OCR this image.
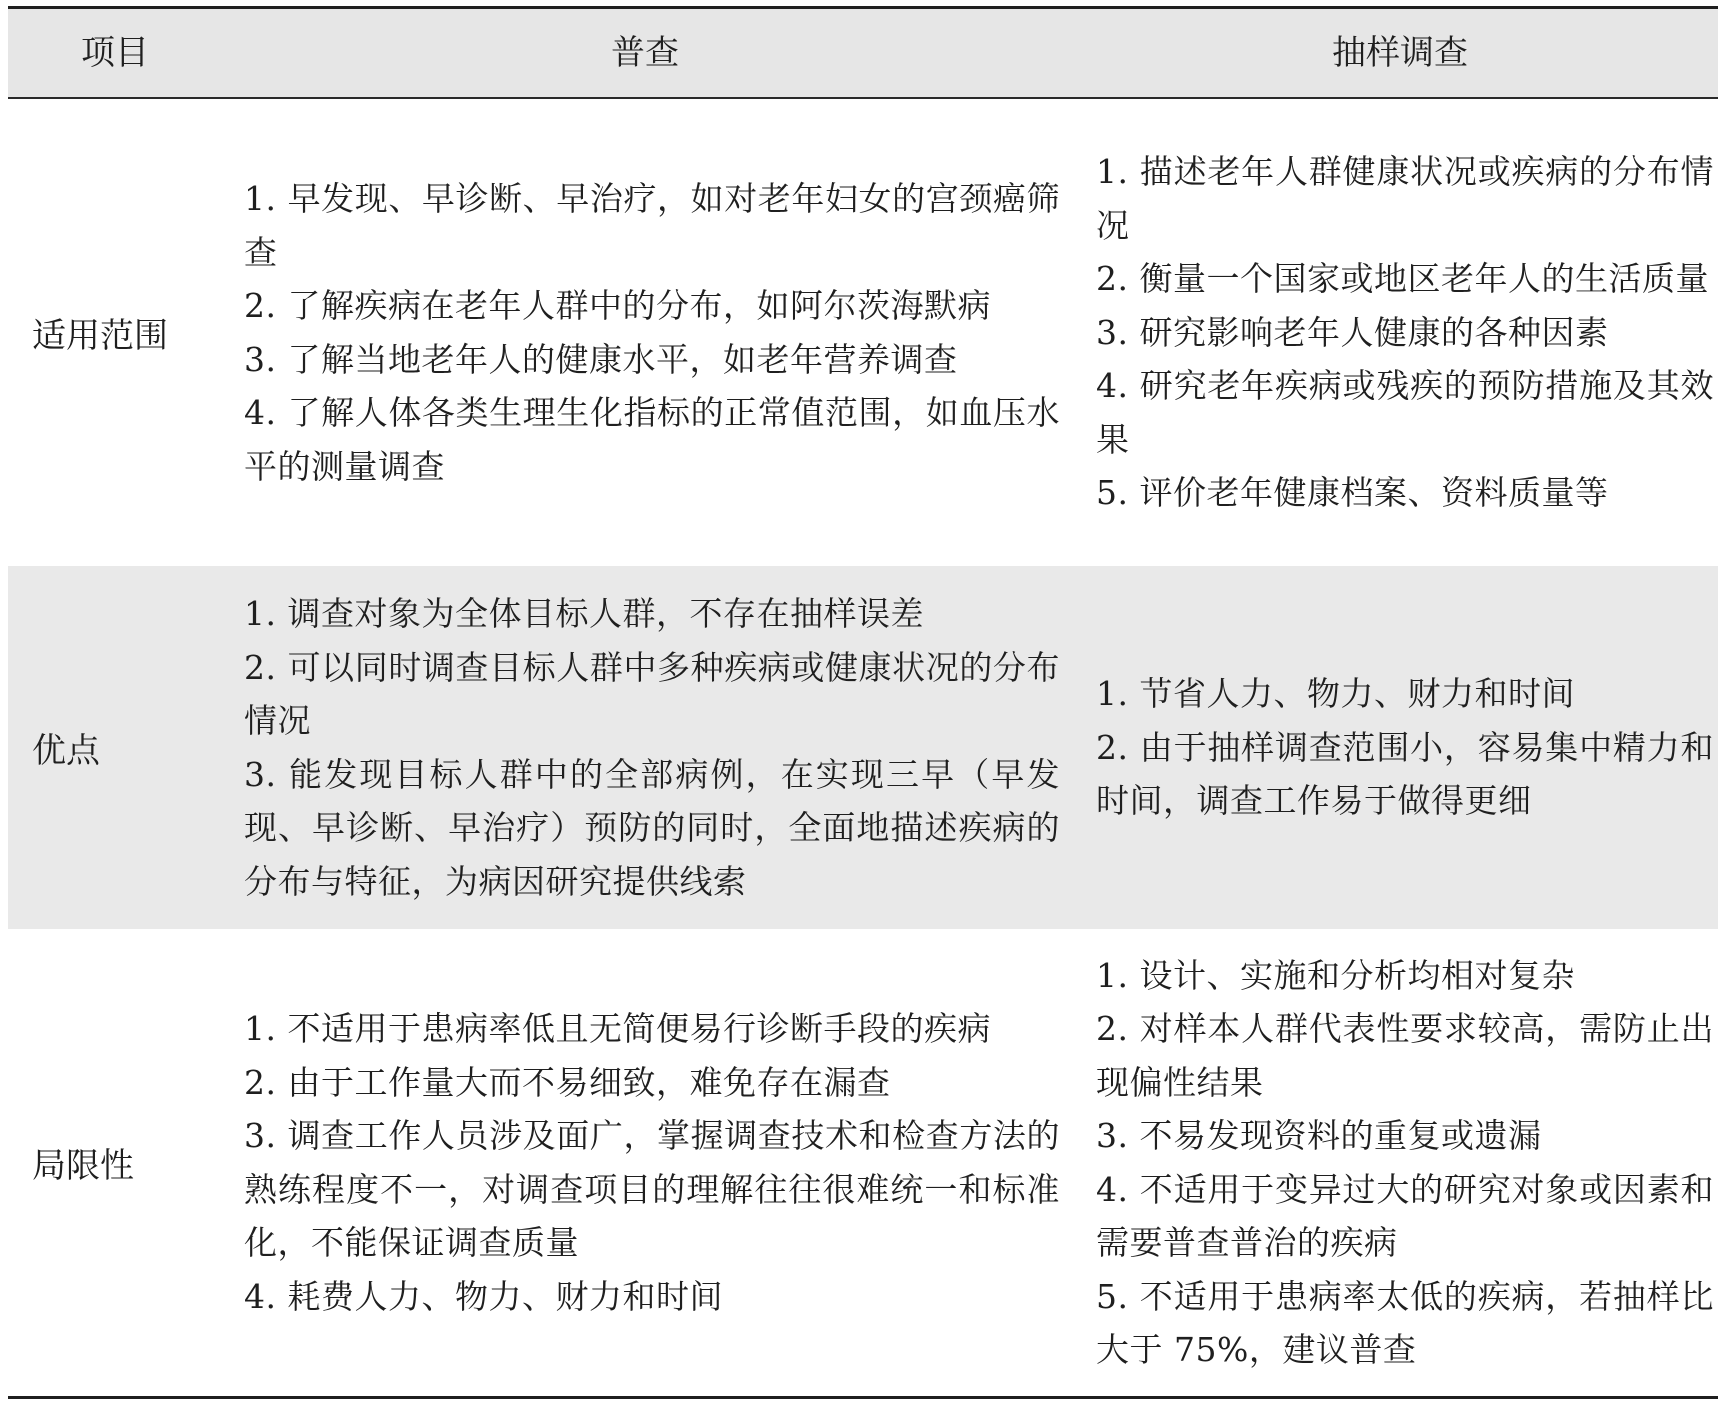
项目	普查	抽样调查
适用范围

1. 早发现、早诊断、早治疗，如对老年妇女的宫颈癌筛查

2. 了解疾病在老年人群中的分布，如阿尔茨海默病

3. 了解当地老年人的健康水平，如老年营养调查

4. 了解人体各类生理生化指标的正常值范围，如血压水平的测量调查

1. 描述老年人群健康状况或疾病的分布情况

2. 衡量一个国家或地区老年人的生活质量

3. 研究影响老年人健康的各种因素

4. 研究老年疾病或残疾的预防措施及其效果

5. 评价老年健康档案、资料质量等

优点

1. 调查对象为全体目标人群，不存在抽样误差

2. 可以同时调查目标人群中多种疾病或健康状况的分布情况

3. 能发现目标人群中的全部病例，在实现三早（早发现、早诊断、早治疗）预防的同时，全面地描述疾病的分布与特征，为病因研究提供线索

1. 节省人力、物力、财力和时间

2. 由于抽样调查范围小，容易集中精力和时间，调查工作易于做得更细

局限性

1. 不适用于患病率低且无简便易行诊断手段的疾病

2. 由于工作量大而不易细致，难免存在漏查

3. 调查工作人员涉及面广，掌握调查技术和检查方法的熟练程度不一，对调查项目的理解往往很难统一和标准化，不能保证调查质量

4. 耗费人力、物力、财力和时间

1. 设计、实施和分析均相对复杂

2. 对样本人群代表性要求较高，需防止出现偏性结果

3. 不易发现资料的重复或遗漏

4. 不适用于变异过大的研究对象或因素和需要普查普治的疾病

5. 不适用于患病率太低的疾病，若抽样比大于 75%，建议普查
